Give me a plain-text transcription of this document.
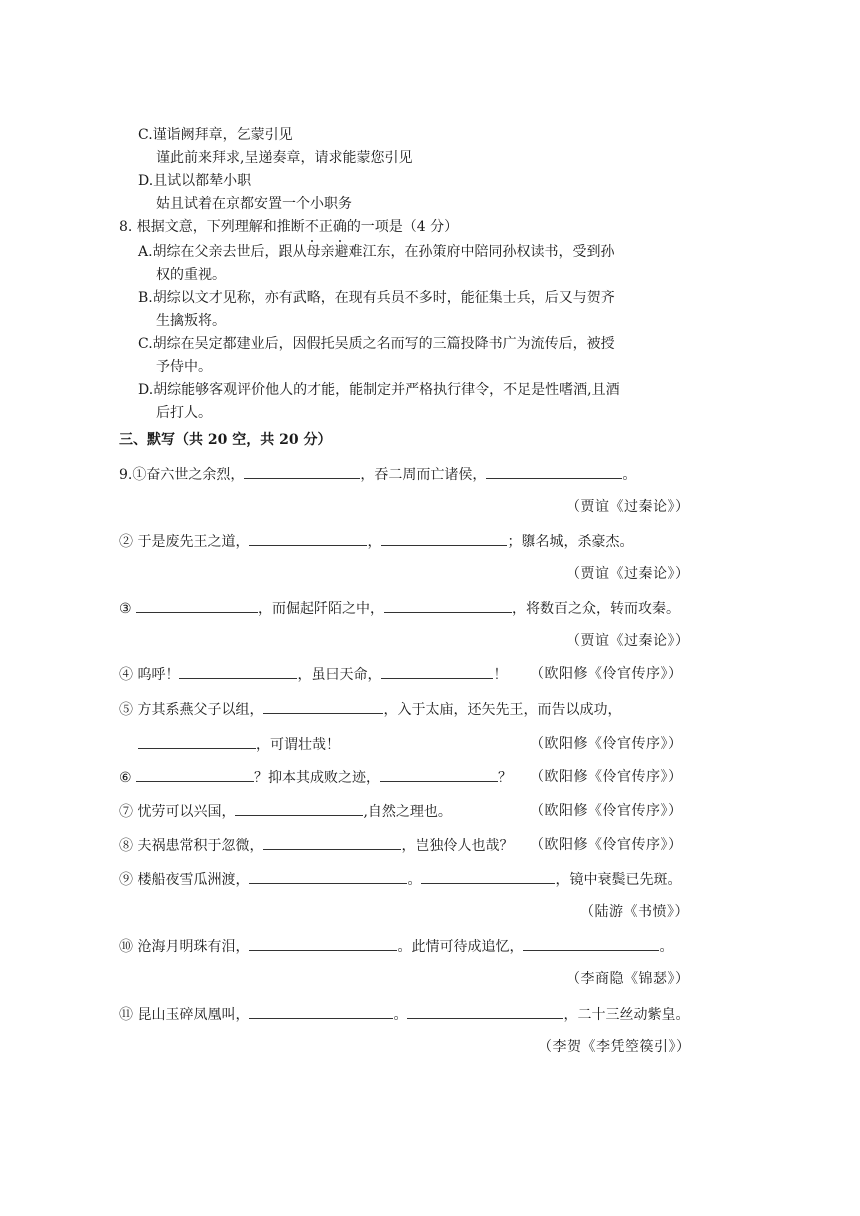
C.谨诣阙拜章，乞蒙引见
谨此前来拜求,呈递奏章，请求能蒙您引见
D.且试以都辇小职
姑且试着在京都安置一个小职务
8. 根据文意，下列理解和推断不正确的一项是（4 分）
A.胡综在父亲去世后，跟从母亲避难江东，在孙策府中陪同孙权读书，受到孙
权的重视。
B.胡综以文才见称，亦有武略，在现有兵员不多时，能征集士兵，后又与贺齐
生擒叛将。
C.胡综在吴定都建业后，因假托吴质之名而写的三篇投降书广为流传后，被授
予侍中。
D.胡综能够客观评价他人的才能，能制定并严格执行律令，不足是性嗜酒,且酒
后打人。
三、默写（共 20 空，共 20 分）
9.①奋六世之余烈，	，吞二周而亡诸侯，	。
（贾谊《过秦论》）
② 于是废先王之道，	，	；隳名城，杀豪杰。
（贾谊《过秦论》）
③	，而倔起阡陌之中，	，将数百之众，转而攻秦。
（贾谊《过秦论》）
④ 呜呼！	，虽曰天命，	！ （欧阳修《伶官传序》）
⑤ 方其系燕父子以组，	，入于太庙，还矢先王，而告以成功，
，可谓壮哉！	（欧阳修《伶官传序》）
⑥	？抑本其成败之迹，	？ （欧阳修《伶官传序》）
⑦ 忧劳可以兴国，	,自然之理也。	（欧阳修《伶官传序》）
⑧ 夫祸患常积于忽微，	，岂独伶人也哉？ （欧阳修《伶官传序》）
⑨ 楼船夜雪瓜洲渡，	。	，镜中衰鬓已先斑。
（陆游《书愤》）
⑩ 沧海月明珠有泪，	。此情可待成追忆，	。
（李商隐《锦瑟》）
⑪ 昆山玉碎凤凰叫，	。	，二十三丝动紫皇。
（李贺《李凭箜篌引》）
